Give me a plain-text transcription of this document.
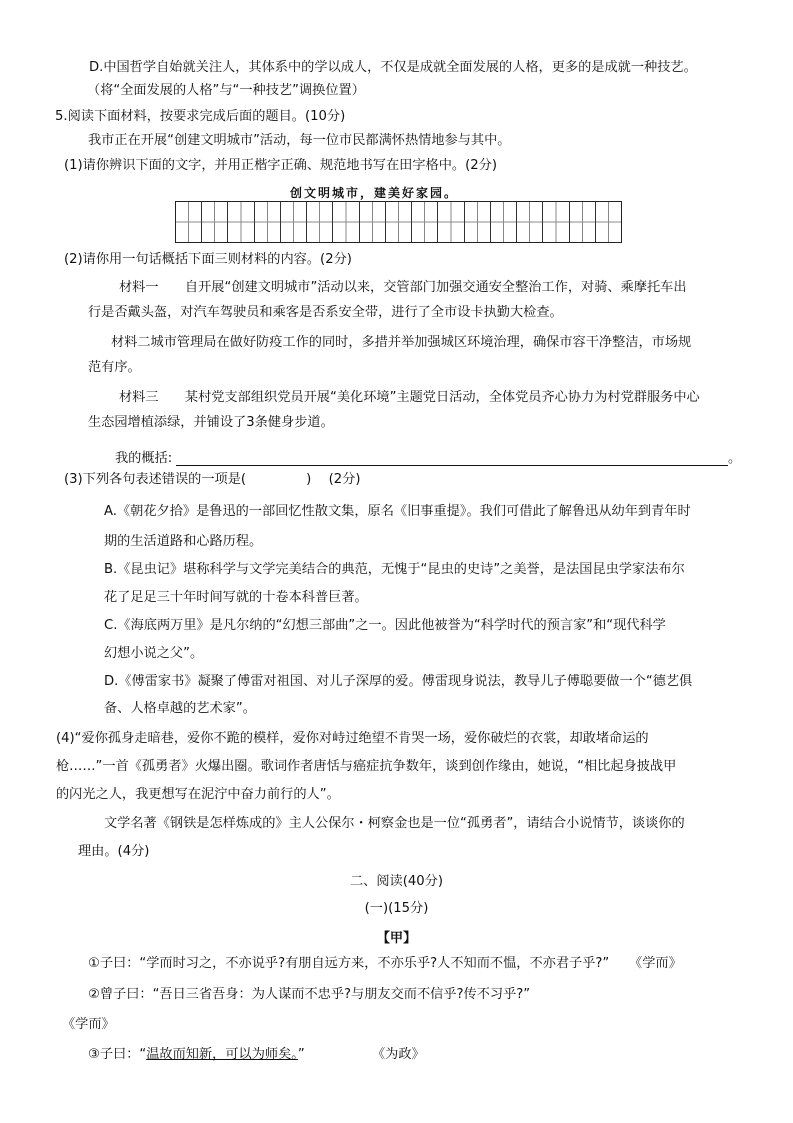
D.中国哲学自始就关注人，其体系中的学以成人，不仅是成就全面发展的人格，更多的是成就一种技艺。
（将“全面发展的人格”与“一种技艺”调换位置）
5.阅读下面材料，按要求完成后面的题目。(10分)
我市正在开展“创建文明城市”活动，每一位市民都满怀热情地参与其中。
(1)请你辨识下面的文字，并用正楷字正确、规范地书写在田字格中。(2分)
创文明城市，建美好家园。
(2)请你用一句话概括下面三则材料的内容。(2分)
材料一　　自开展“创建文明城市”活动以来，交管部门加强交通安全整治工作，对骑、乘摩托车出
行是否戴头盔，对汽车驾驶员和乘客是否系安全带，进行了全市设卡执勤大检查。
材料二城市管理局在做好防疫工作的同时，多措并举加强城区环境治理，确保市容干净整洁，市场规
范有序。
材料三　　某村党支部组织党员开展“美化环境”主题党日活动，全体党员齐心协力为村党群服务中心
生态园增植添绿，并铺设了3条健身步道。
我的概括:	。
(3)下列各句表述错误的一项是(	)　 (2分)
A.《朝花夕拾》是鲁迅的一部回忆性散文集，原名《旧事重提》。我们可借此了解鲁迅从幼年到青年时
期的生活道路和心路历程。
B.《昆虫记》堪称科学与文学完美结合的典范，无愧于“昆虫的史诗”之美誉，是法国昆虫学家法布尔
花了足足三十年时间写就的十卷本科普巨著。
C.《海底两万里》是凡尔纳的“幻想三部曲”之一。因此他被誉为“科学时代的预言家”和“现代科学
幻想小说之父”。
D.《傅雷家书》凝聚了傅雷对祖国、对儿子深厚的爱。傅雷现身说法，教导儿子傅聪要做一个“德艺俱
备、人格卓越的艺术家”。
(4)“爱你孤身走暗巷，爱你不跪的模样，爱你对峙过绝望不肯哭一场，爱你破烂的衣裳，却敢堵命运的
枪……”一首《孤勇者》火爆出圈。歌词作者唐恬与癌症抗争数年，谈到创作缘由，她说，“相比起身披战甲
的闪光之人，我更想写在泥泞中奋力前行的人”。
文学名著《钢铁是怎样炼成的》主人公保尔・柯察金也是一位“孤勇者”，请结合小说情节，谈谈你的
理由。(4分)
二、阅读(40分)
(一)(15分)
【甲】
①子曰：“学而时习之，不亦说乎?有朋自远方来，不亦乐乎?人不知而不愠，不亦君子乎?”　　《学而》
②曾子曰：“吾日三省吾身：为人谋而不忠乎?与朋友交而不信乎?传不习乎?”
《学而》
③子曰：“温故而知新，可以为师矣。”	《为政》
